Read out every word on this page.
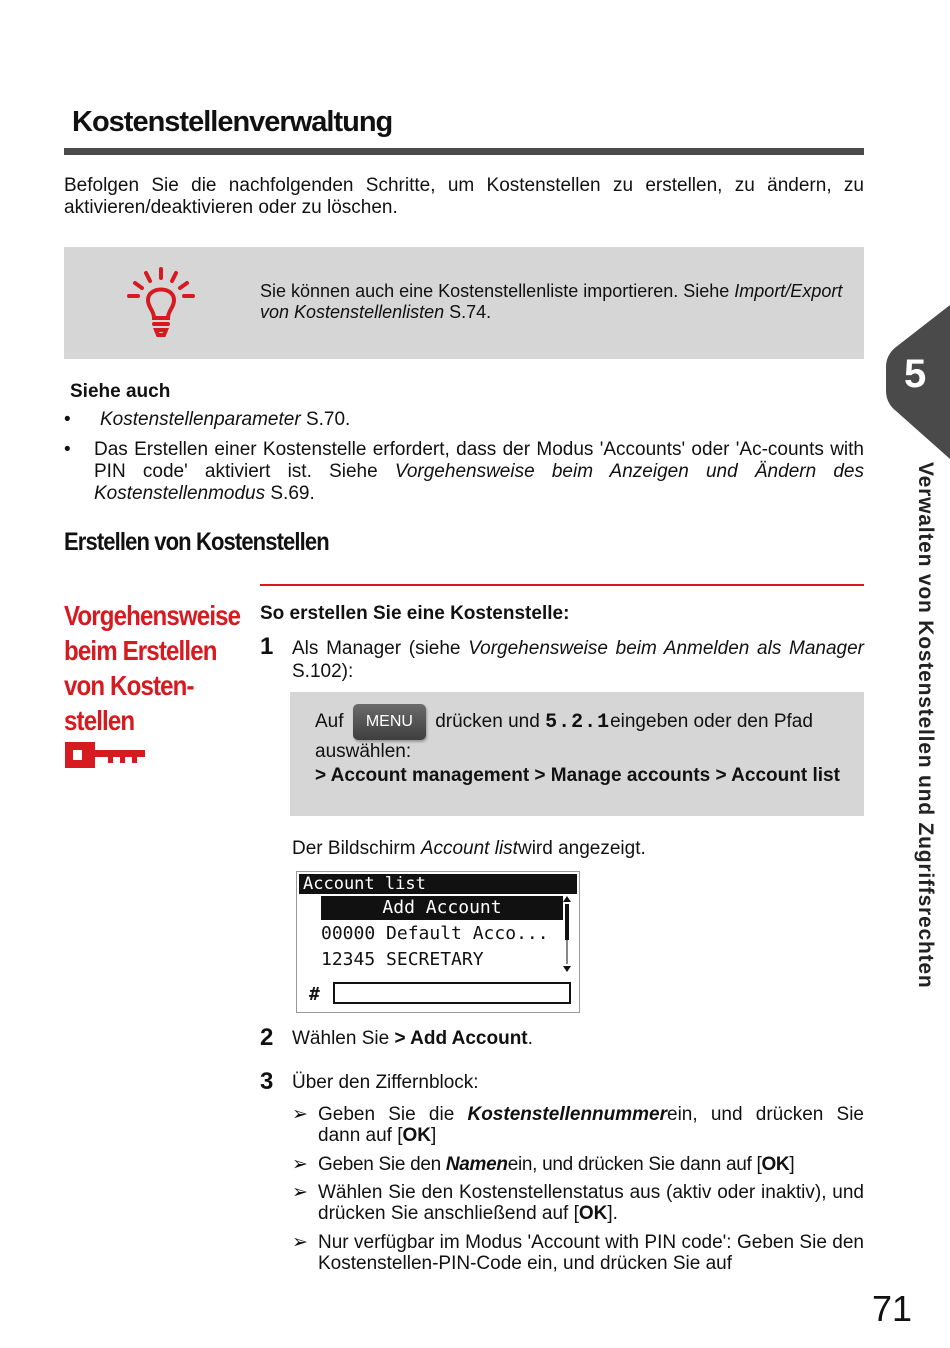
Kostenstellenverwaltung
Befolgen Sie die nachfolgenden Schritte, um Kostenstellen zu erstellen, zu ändern, zu aktivieren/deaktivieren oder zu löschen.
Sie können auch eine Kostenstellenliste importieren. Siehe Import/Export von Kostenstellenlisten S.74.
Siehe auch
• Kostenstellenparameter S.70.
• Das Erstellen einer Kostenstelle erfordert, dass der Modus 'Accounts' oder 'Ac-counts with PIN code' aktiviert ist. Siehe Vorgehensweise beim Anzeigen und Ändern des Kostenstellenmodus S.69.
Erstellen von Kostenstellen
Vorgehensweise beim Erstellen von Kosten-stellen
So erstellen Sie eine Kostenstelle:
1 Als Manager (siehe Vorgehensweise beim Anmelden als Manager S.102):
Auf MENU drücken und 5.2.1eingeben oder den Pfad auswählen:
> Account management > Manage accounts > Account list
Der Bildschirm Account listwird angezeigt.
Account list
Add Account
00000 Default Acco...
12345 SECRETARY
#
2 Wählen Sie > Add Account.
3 Über den Ziffernblock:
➢ Geben Sie die Kostenstellennummerein, und drücken Sie dann auf [OK]
➢ Geben Sie den Namenein, und drücken Sie dann auf [OK]
➢ Wählen Sie den Kostenstellenstatus aus (aktiv oder inaktiv), und drücken Sie anschließend auf [OK].
➢ Nur verfügbar im Modus 'Account with PIN code': Geben Sie den Kostenstellen-PIN-Code ein, und drücken Sie auf
5
Verwalten von Kostenstellen und Zugriffsrechten
71
